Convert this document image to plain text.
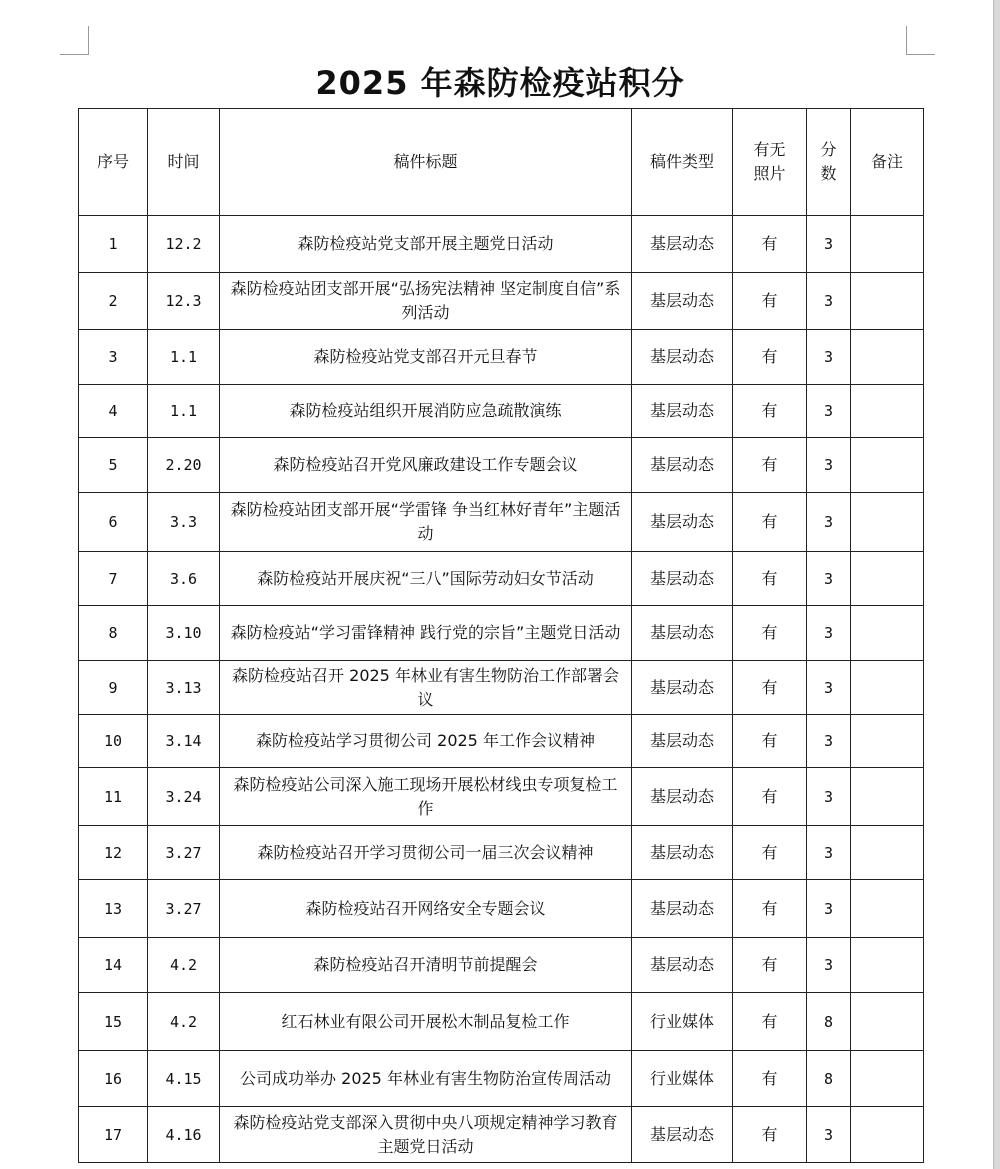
2025 年森防检疫站积分
序号	时间	稿件标题	稿件类型	有无照片	分数	备注
1	12.2	森防检疫站党支部开展主题党日活动	基层动态	有	3	
2	12.3	森防检疫站团支部开展“弘扬宪法精神 坚定制度自信”系列活动	基层动态	有	3	
3	1.1	森防检疫站党支部召开元旦春节	基层动态	有	3	
4	1.1	森防检疫站组织开展消防应急疏散演练	基层动态	有	3	
5	2.20	森防检疫站召开党风廉政建设工作专题会议	基层动态	有	3	
6	3.3	森防检疫站团支部开展“学雷锋 争当红林好青年”主题活动	基层动态	有	3	
7	3.6	森防检疫站开展庆祝“三八”国际劳动妇女节活动	基层动态	有	3	
8	3.10	森防检疫站“学习雷锋精神 践行党的宗旨”主题党日活动	基层动态	有	3	
9	3.13	森防检疫站召开 2025 年林业有害生物防治工作部署会议	基层动态	有	3	
10	3.14	森防检疫站学习贯彻公司 2025 年工作会议精神	基层动态	有	3	
11	3.24	森防检疫站公司深入施工现场开展松材线虫专项复检工作	基层动态	有	3	
12	3.27	森防检疫站召开学习贯彻公司一届三次会议精神	基层动态	有	3	
13	3.27	森防检疫站召开网络安全专题会议	基层动态	有	3	
14	4.2	森防检疫站召开清明节前提醒会	基层动态	有	3	
15	4.2	红石林业有限公司开展松木制品复检工作	行业媒体	有	8	
16	4.15	公司成功举办 2025 年林业有害生物防治宣传周活动	行业媒体	有	8	
17	4.16	森防检疫站党支部深入贯彻中央八项规定精神学习教育主题党日活动	基层动态	有	3	
